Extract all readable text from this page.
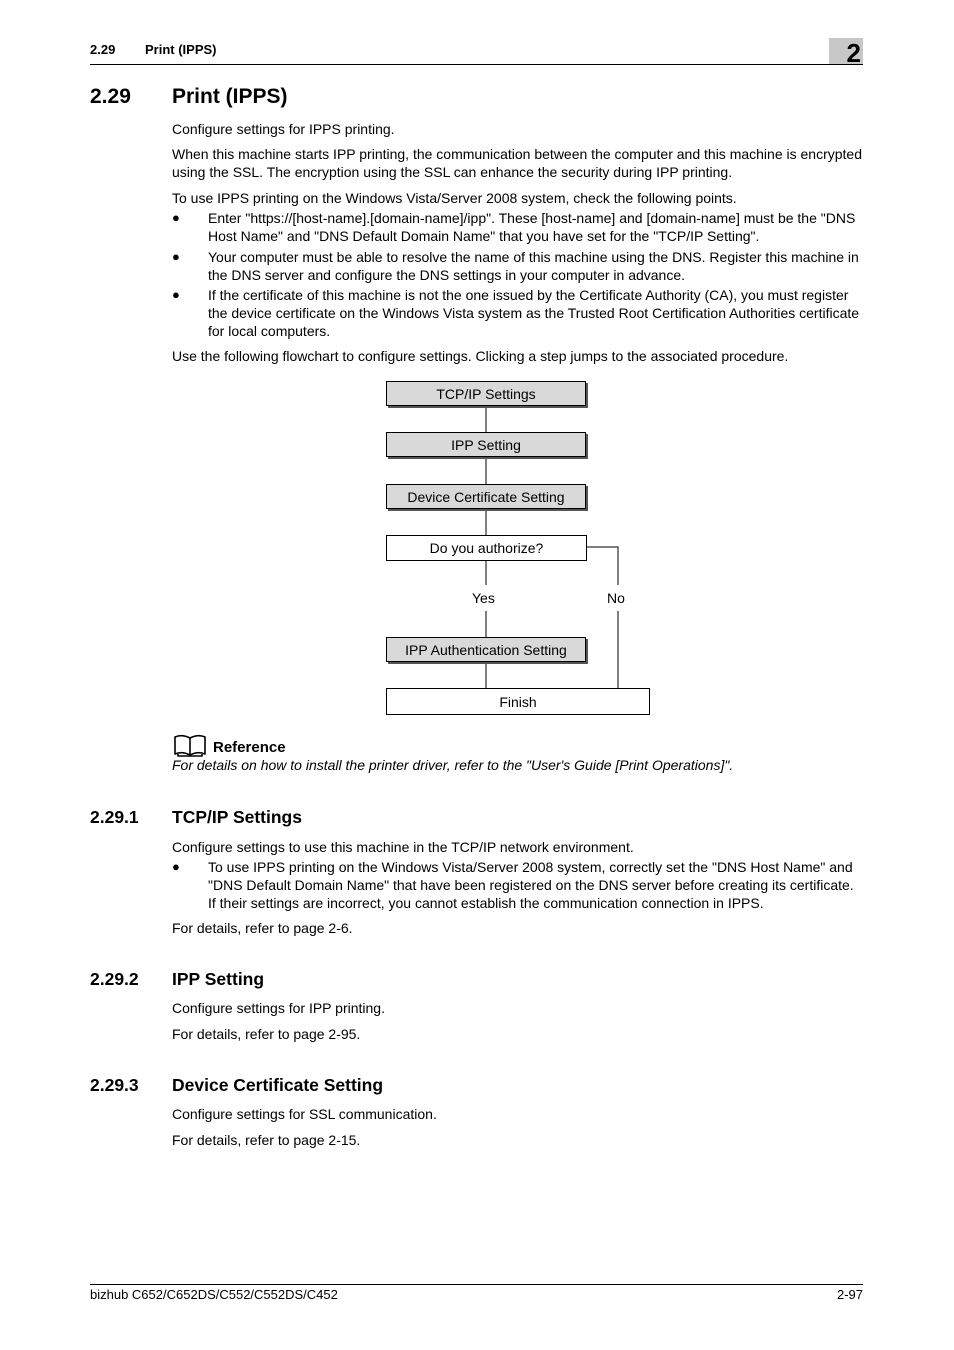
2.29 Print (IPPS)	2
2.29 Print (IPPS)
Configure settings for IPPS printing.
When this machine starts IPP printing, the communication between the computer and this machine is encrypted using the SSL. The encryption using the SSL can enhance the security during IPP printing.
To use IPPS printing on the Windows Vista/Server 2008 system, check the following points.
● Enter "https://[host-name].[domain-name]/ipp". These [host-name] and [domain-name] must be the "DNS Host Name" and "DNS Default Domain Name" that you have set for the "TCP/IP Setting".
● Your computer must be able to resolve the name of this machine using the DNS. Register this machine in the DNS server and configure the DNS settings in your computer in advance.
● If the certificate of this machine is not the one issued by the Certificate Authority (CA), you must register the device certificate on the Windows Vista system as the Trusted Root Certification Authorities certificate for local computers.
Use the following flowchart to configure settings. Clicking a step jumps to the associated procedure.
TCP/IP Settings
IPP Setting
Device Certificate Setting
Do you authorize?
Yes	No
IPP Authentication Setting
Finish
Reference
For details on how to install the printer driver, refer to the "User's Guide [Print Operations]".
2.29.1 TCP/IP Settings
Configure settings to use this machine in the TCP/IP network environment.
● To use IPPS printing on the Windows Vista/Server 2008 system, correctly set the "DNS Host Name" and "DNS Default Domain Name" that have been registered on the DNS server before creating its certificate. If their settings are incorrect, you cannot establish the communication connection in IPPS.
For details, refer to page 2-6.
2.29.2 IPP Setting
Configure settings for IPP printing.
For details, refer to page 2-95.
2.29.3 Device Certificate Setting
Configure settings for SSL communication.
For details, refer to page 2-15.
bizhub C652/C652DS/C552/C552DS/C452	2-97
